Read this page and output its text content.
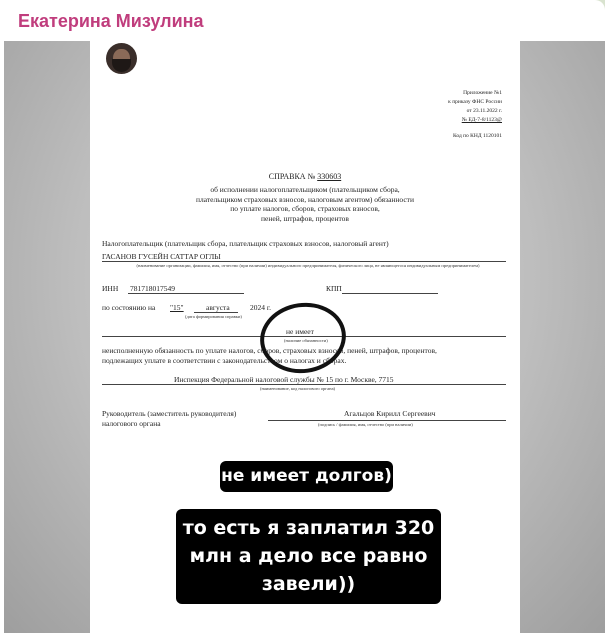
Екатерина Мизулина
Приложение №1
к приказу ФНС России
от 23.11.2022 г.
№ ЕД-7-8/1123@
Код по КНД 1120101
СПРАВКА № 330603
об исполнении налогоплательщиком (плательщиком сбора,
плательщиком страховых взносов, налоговым агентом) обязанности
по уплате налогов, сборов, страховых взносов,
пеней, штрафов, процентов
Налогоплательщик (плательщик сбора, плательщик страховых взносов, налоговый агент)
ГАСАНОВ ГУСЕЙН САТТАР ОГЛЫ
(наименование организации, фамилия, имя, отчество (при наличии) индивидуального предпринимателя, физического лица, не являющегося индивидуальным предпринимателем)
ИНН 781718017549	КПП
по состоянию на "15"	августа	2024 г.
(дата формирования справки)
не имеет
(наличие обязанности)
неисполненную обязанность по уплате налогов, сборов, страховых взносов, пеней, штрафов, процентов,
подлежащих уплате в соответствии с законодательством о налогах и сборах.
Инспекция Федеральной налоговой службы № 15 по г. Москве, 7715
(наименование, код налогового органа)
Руководитель (заместитель руководителя)
налогового органа
Агальцов Кирилл Сергеевич
(подпись / фамилия, имя, отчество (при наличии)
gusein.gasanov 8m
See translation ›	Follow	···
не имеет долгов)
то есть я заплатил 320
млн а дело все равно
завели))
